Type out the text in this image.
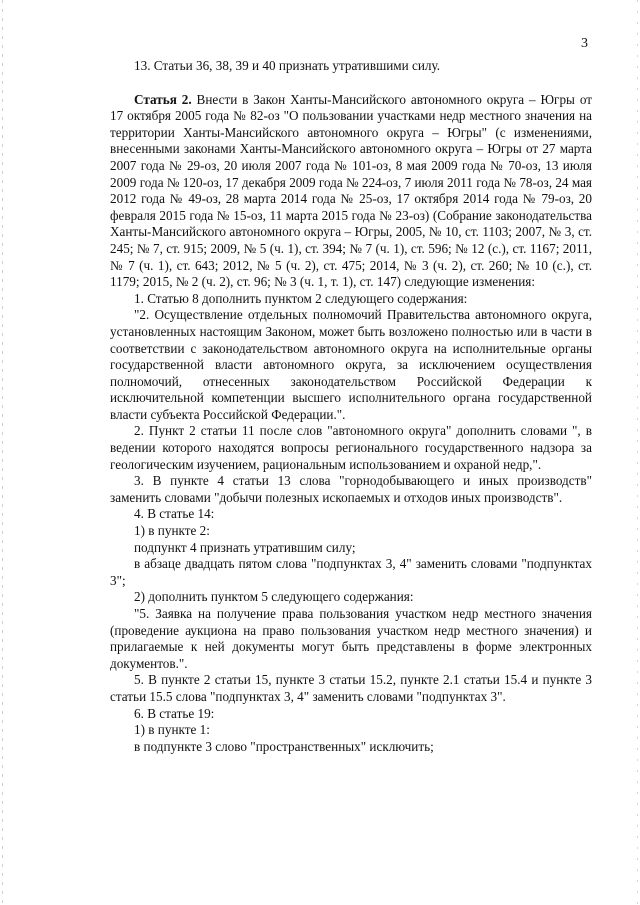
3

13. Статьи 36, 38, 39 и 40 признать утратившими силу.

Статья 2. Внести в Закон Ханты-Мансийского автономного округа – Югры от 17 октября 2005 года № 82-оз "О пользовании участками недр местного значения на территории Ханты-Мансийского автономного округа – Югры" (с изменениями, внесенными законами Ханты-Мансийского автономного округа – Югры от 27 марта 2007 года № 29-оз, 20 июля 2007 года № 101-оз, 8 мая 2009 года № 70-оз, 13 июля 2009 года № 120-оз, 17 декабря 2009 года № 224-оз, 7 июля 2011 года № 78-оз, 24 мая 2012 года № 49-оз, 28 марта 2014 года № 25-оз, 17 октября 2014 года № 79-оз, 20 февраля 2015 года № 15-оз, 11 марта 2015 года № 23-оз) (Собрание законодательства Ханты-Мансийского автономного округа – Югры, 2005, № 10, ст. 1103; 2007, № 3, ст. 245; № 7, ст. 915; 2009, № 5 (ч. 1), ст. 394; № 7 (ч. 1), ст. 596; № 12 (с.), ст. 1167; 2011, № 7 (ч. 1), ст. 643; 2012, № 5 (ч. 2), ст. 475; 2014, № 3 (ч. 2), ст. 260; № 10 (с.), ст. 1179; 2015, № 2 (ч. 2), ст. 96; № 3 (ч. 1, т. 1), ст. 147) следующие изменения:

1. Статью 8 дополнить пунктом 2 следующего содержания:

"2. Осуществление отдельных полномочий Правительства автономного округа, установленных настоящим Законом, может быть возложено полностью или в части в соответствии с законодательством автономного округа на исполнительные органы государственной власти автономного округа, за исключением осуществления полномочий, отнесенных законодательством Российской Федерации к исключительной компетенции высшего исполнительного органа государственной власти субъекта Российской Федерации.".

2. Пункт 2 статьи 11 после слов "автономного округа" дополнить словами ", в ведении которого находятся вопросы регионального государственного надзора за геологическим изучением, рациональным использованием и охраной недр,".

3. В пункте 4 статьи 13 слова "горнодобывающего и иных производств" заменить словами "добычи полезных ископаемых и отходов иных производств".

4. В статье 14:

1) в пункте 2:

подпункт 4 признать утратившим силу;

в абзаце двадцать пятом слова "подпунктах 3, 4" заменить словами "подпунктах 3";

2) дополнить пунктом 5 следующего содержания:

"5. Заявка на получение права пользования участком недр местного значения (проведение аукциона на право пользования участком недр местного значения) и прилагаемые к ней документы могут быть представлены в форме электронных документов.".

5. В пункте 2 статьи 15, пункте 3 статьи 15.2, пункте 2.1 статьи 15.4 и пункте 3 статьи 15.5 слова "подпунктах 3, 4" заменить словами "подпунктах 3".

6. В статье 19:

1) в пункте 1:

в подпункте 3 слово "пространственных" исключить;
